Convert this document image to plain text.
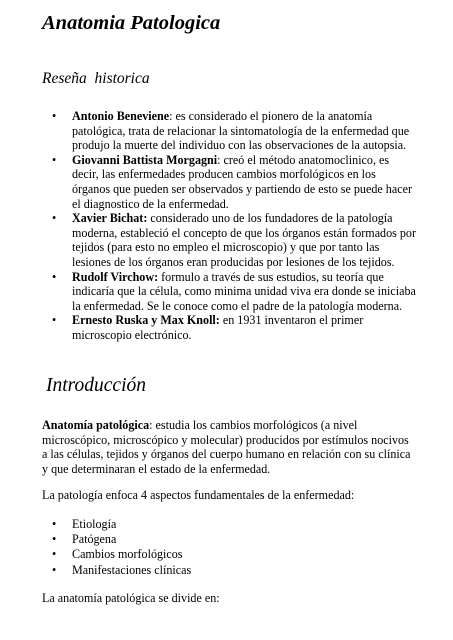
Anatomia Patologica
Reseña  historica
• Antonio Beneviene: es considerado el pionero de la anatomía patológica, trata de relacionar la sintomatología de la enfermedad que produjo la muerte del individuo con las observaciones de la autopsia.
• Giovanni Battista Morgagni: creó el método anatomoclinico, es decir, las enfermedades producen cambios morfológicos en los órganos que pueden ser observados y partiendo de esto se puede hacer el diagnostico de la enfermedad.
• Xavier Bichat: considerado uno de los fundadores de la patología moderna, estableció el concepto de que los órganos están formados por tejidos (para esto no empleo el microscopio) y que por tanto las lesiones de los órganos eran producidas por lesiones de los tejidos.
• Rudolf Virchow: formulo a través de sus estudios, su teoría que indicaría que la célula, como minima unidad viva era donde se iniciaba la enfermedad. Se le conoce como el padre de la patología moderna.
• Ernesto Ruska y Max Knoll: en 1931 inventaron el primer microscopio electrónico.
Introducción

Anatomía patológica: estudia los cambios morfológicos (a nivel microscópico, microscópico y molecular) producidos por estímulos nocivos a las células, tejidos y órganos del cuerpo humano en relación con su clínica y que determinaran el estado de la enfermedad.

La patología enfoca 4 aspectos fundamentales de la enfermedad:

• Etiología
• Patógena
• Cambios morfológicos
• Manifestaciones clínicas

La anatomía patológica se divide en:
